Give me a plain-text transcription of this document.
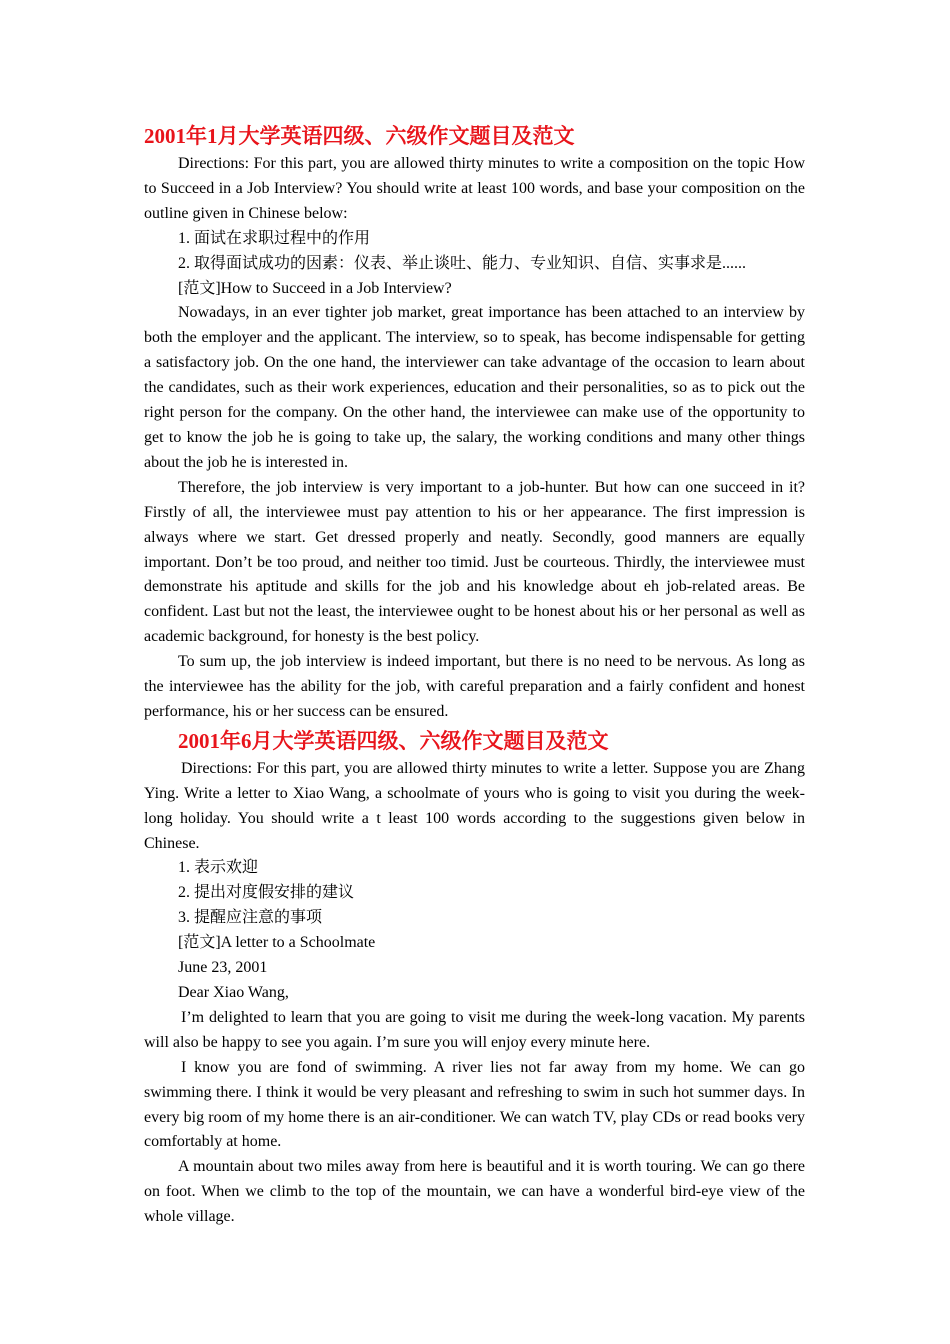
2001年1月大学英语四级、六级作文题目及范文

Directions: For this part, you are allowed thirty minutes to write a composition on the topic How to Succeed in a Job Interview? You should write at least 100 words, and base your composition on the outline given in Chinese below:

1. 面试在求职过程中的作用

2. 取得面试成功的因素：仪表、举止谈吐、能力、专业知识、自信、实事求是......

[范文]How to Succeed in a Job Interview?

Nowadays, in an ever tighter job market, great importance has been attached to an interview by both the employer and the applicant. The interview, so to speak, has become indispensable for getting a satisfactory job. On the one hand, the interviewer can take advantage of the occasion to learn about the candidates, such as their work experiences, education and their personalities, so as to pick out the right person for the company. On the other hand, the interviewee can make use of the opportunity to get to know the job he is going to take up, the salary, the working conditions and many other things about the job he is interested in.

Therefore, the job interview is very important to a job-hunter. But how can one succeed in it? Firstly of all, the interviewee must pay attention to his or her appearance. The first impression is always where we start. Get dressed properly and neatly. Secondly, good manners are equally important. Don’t be too proud, and neither too timid. Just be courteous. Thirdly, the interviewee must demonstrate his aptitude and skills for the job and his knowledge about eh job-related areas. Be confident. Last but not the least, the interviewee ought to be honest about his or her personal as well as academic background, for honesty is the best policy.

To sum up, the job interview is indeed important, but there is no need to be nervous. As long as the interviewee has the ability for the job, with careful preparation and a fairly confident and honest performance, his or her success can be ensured.

2001年6月大学英语四级、六级作文题目及范文

Directions: For this part, you are allowed thirty minutes to write a letter. Suppose you are Zhang Ying. Write a letter to Xiao Wang, a schoolmate of yours who is going to visit you during the week-long holiday. You should write a t least 100 words according to the suggestions given below in Chinese.

1. 表示欢迎

2. 提出对度假安排的建议

3. 提醒应注意的事项

[范文]A letter to a Schoolmate

June 23, 2001

Dear Xiao Wang,

I’m delighted to learn that you are going to visit me during the week-long vacation. My parents will also be happy to see you again. I’m sure you will enjoy every minute here.

I know you are fond of swimming. A river lies not far away from my home. We can go swimming there. I think it would be very pleasant and refreshing to swim in such hot summer days. In every big room of my home there is an air-conditioner. We can watch TV, play CDs or read books very comfortably at home.

A mountain about two miles away from here is beautiful and it is worth touring. We can go there on foot. When we climb to the top of the mountain, we can have a wonderful bird-eye view of the whole village.
